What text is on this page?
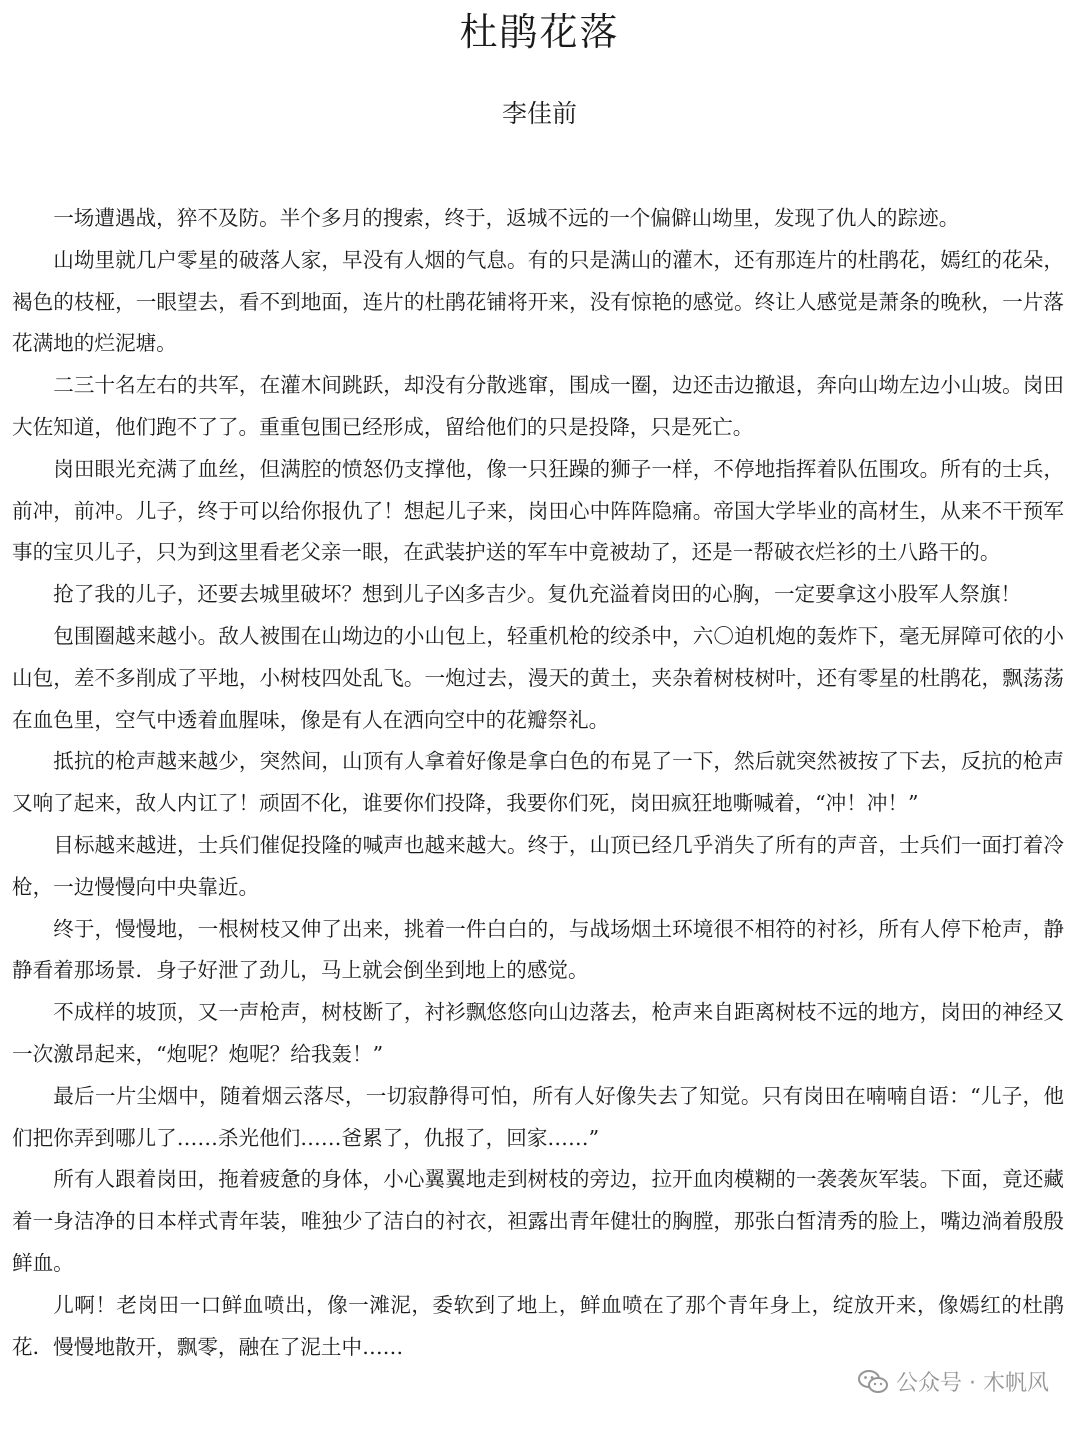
杜鹃花落
李佳前

一场遭遇战，猝不及防。半个多月的搜索，终于，返城不远的一个偏僻山坳里，发现了仇人的踪迹。

山坳里就几户零星的破落人家，早没有人烟的气息。有的只是满山的灌木，还有那连片的杜鹃花，嫣红的花朵，褐色的枝桠，一眼望去，看不到地面，连片的杜鹃花铺将开来，没有惊艳的感觉。终让人感觉是萧条的晚秋，一片落花满地的烂泥塘。

二三十名左右的共军，在灌木间跳跃，却没有分散逃窜，围成一圈，边还击边撤退，奔向山坳左边小山坡。岗田大佐知道，他们跑不了了。重重包围已经形成，留给他们的只是投降，只是死亡。

岗田眼光充满了血丝，但满腔的愤怒仍支撑他，像一只狂躁的狮子一样，不停地指挥着队伍围攻。所有的士兵，前冲，前冲。儿子，终于可以给你报仇了！想起儿子来，岗田心中阵阵隐痛。帝国大学毕业的高材生，从来不干预军事的宝贝儿子，只为到这里看老父亲一眼，在武装护送的军车中竟被劫了，还是一帮破衣烂衫的土八路干的。

抢了我的儿子，还要去城里破坏？想到儿子凶多吉少。复仇充溢着岗田的心胸，一定要拿这小股军人祭旗！

包围圈越来越小。敌人被围在山坳边的小山包上，轻重机枪的绞杀中，六〇迫机炮的轰炸下，毫无屏障可依的小山包，差不多削成了平地，小树枝四处乱飞。一炮过去，漫天的黄土，夹杂着树枝树叶，还有零星的杜鹃花，飘荡荡在血色里，空气中透着血腥味，像是有人在洒向空中的花瓣祭礼。

抵抗的枪声越来越少，突然间，山顶有人拿着好像是拿白色的布晃了一下，然后就突然被按了下去，反抗的枪声又响了起来，敌人内讧了！顽固不化，谁要你们投降，我要你们死，岗田疯狂地嘶喊着，“冲！冲！”

目标越来越进，士兵们催促投隆的喊声也越来越大。终于，山顶已经几乎消失了所有的声音，士兵们一面打着冷枪，一边慢慢向中央靠近。

终于，慢慢地，一根树枝又伸了出来，挑着一件白白的，与战场烟土环境很不相符的衬衫，所有人停下枪声，静静看着那场景．身子好泄了劲儿，马上就会倒坐到地上的感觉。

不成样的坡顶，又一声枪声，树枝断了，衬衫飘悠悠向山边落去，枪声来自距离树枝不远的地方，岗田的神经又一次激昂起来，“炮呢？炮呢？给我轰！”

最后一片尘烟中，随着烟云落尽，一切寂静得可怕，所有人好像失去了知觉。只有岗田在喃喃自语：“儿子，他们把你弄到哪儿了……杀光他们……爸累了，仇报了，回家……”

所有人跟着岗田，拖着疲惫的身体，小心翼翼地走到树枝的旁边，拉开血肉模糊的一袭袭灰军装。下面，竟还藏着一身洁净的日本样式青年装，唯独少了洁白的衬衣，袒露出青年健壮的胸膛，那张白皙清秀的脸上，嘴边淌着殷殷鲜血。

儿啊！老岗田一口鲜血喷出，像一滩泥，委软到了地上，鲜血喷在了那个青年身上，绽放开来，像嫣红的杜鹃花．慢慢地散开，飘零，融在了泥土中……

公众号 · 木帆风
